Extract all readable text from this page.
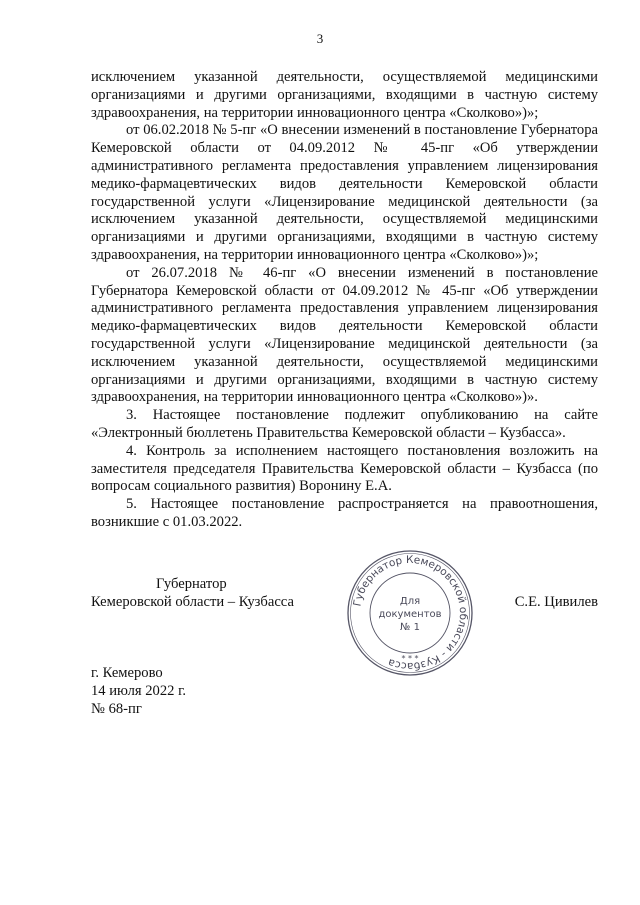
3

исключением указанной деятельности, осуществляемой медицинскими организациями и другими организациями, входящими в частную систему здравоохранения, на территории инновационного центра «Сколково»)»;

от 06.02.2018 № 5-пг «О внесении изменений в постановление Губернатора Кемеровской области от 04.09.2012 № 45-пг «Об утверждении административного регламента предоставления управлением лицензирования медико-фармацевтических видов деятельности Кемеровской области государственной услуги «Лицензирование медицинской деятельности (за исключением указанной деятельности, осуществляемой медицинскими организациями и другими организациями, входящими в частную систему здравоохранения, на территории инновационного центра «Сколково»)»;

от 26.07.2018 № 46-пг «О внесении изменений в постановление Губернатора Кемеровской области от 04.09.2012 № 45-пг «Об утверждении административного регламента предоставления управлением лицензирования медико-фармацевтических видов деятельности Кемеровской области государственной услуги «Лицензирование медицинской деятельности (за исключением указанной деятельности, осуществляемой медицинскими организациями и другими организациями, входящими в частную систему здравоохранения, на территории инновационного центра «Сколково»)».

3. Настоящее постановление подлежит опубликованию на сайте «Электронный бюллетень Правительства Кемеровской области – Кузбасса».

4. Контроль за исполнением настоящего постановления возложить на заместителя председателя Правительства Кемеровской области – Кузбасса (по вопросам социального развития) Воронину Е.А.

5. Настоящее постановление распространяется на правоотношения, возникшие с 01.03.2022.

Губернатор
Кемеровской области – Кузбасса	Губернатор Кемеровской области - Кузбасса
Для
документов
№ 1
* * *
С.Е. Цивилев
г. Кемерово
14 июля 2022 г.
№ 68-пг
